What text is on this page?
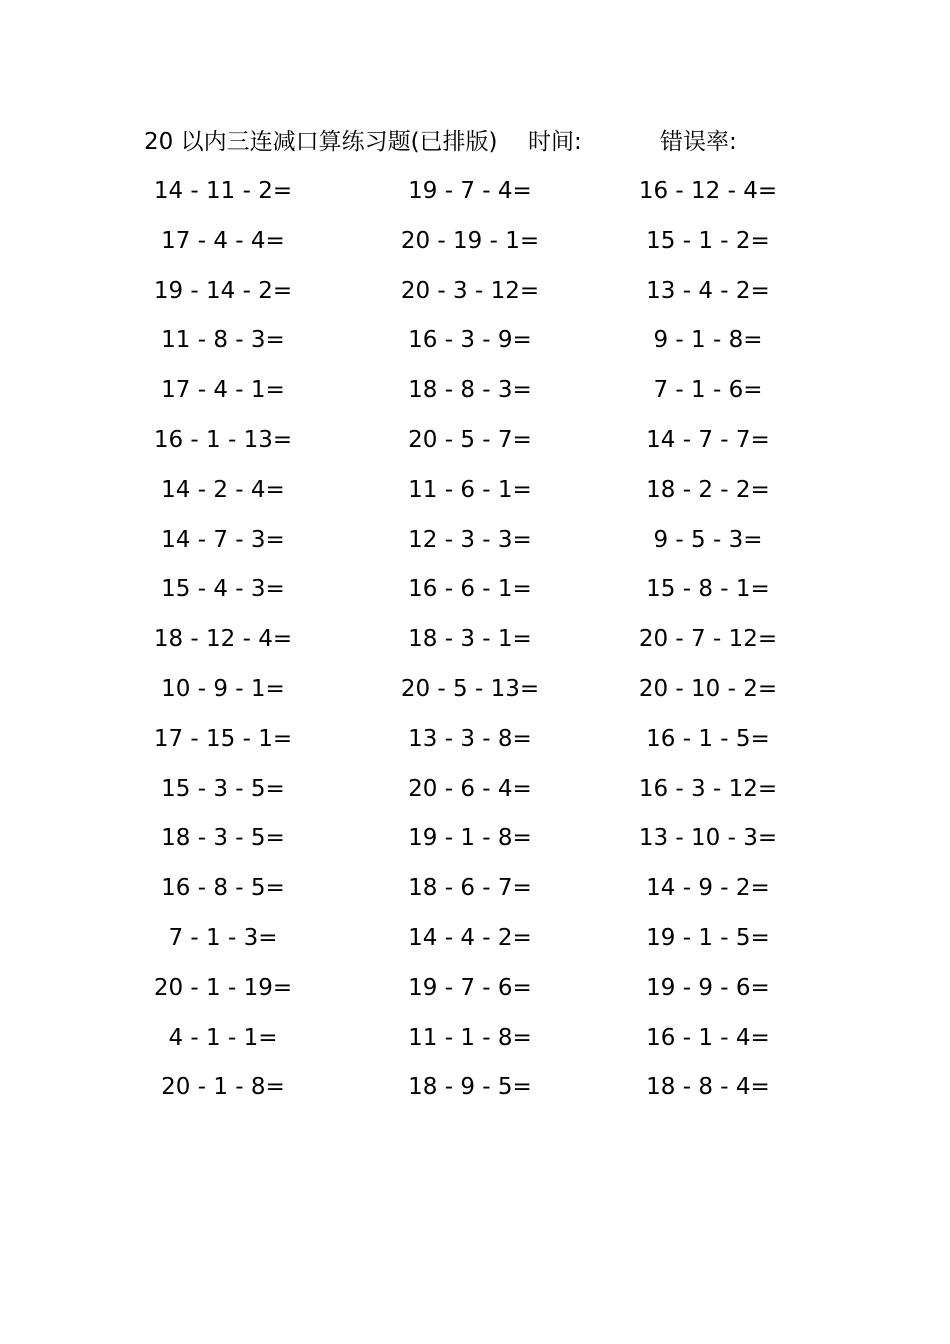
20 以内三连减口算练习题(已排版) 时间:	错误率:
14 - 11 - 2=	19 - 7 - 4=	16 - 12 - 4=
17 - 4 - 4=	20 - 19 - 1=	15 - 1 - 2=
19 - 14 - 2=	20 - 3 - 12=	13 - 4 - 2=
11 - 8 - 3=	16 - 3 - 9=	9 - 1 - 8=
17 - 4 - 1=	18 - 8 - 3=	7 - 1 - 6=
16 - 1 - 13=	20 - 5 - 7=	14 - 7 - 7=
14 - 2 - 4=	11 - 6 - 1=	18 - 2 - 2=
14 - 7 - 3=	12 - 3 - 3=	9 - 5 - 3=
15 - 4 - 3=	16 - 6 - 1=	15 - 8 - 1=
18 - 12 - 4=	18 - 3 - 1=	20 - 7 - 12=
10 - 9 - 1=	20 - 5 - 13=	20 - 10 - 2=
17 - 15 - 1=	13 - 3 - 8=	16 - 1 - 5=
15 - 3 - 5=	20 - 6 - 4=	16 - 3 - 12=
18 - 3 - 5=	19 - 1 - 8=	13 - 10 - 3=
16 - 8 - 5=	18 - 6 - 7=	14 - 9 - 2=
7 - 1 - 3=	14 - 4 - 2=	19 - 1 - 5=
20 - 1 - 19=	19 - 7 - 6=	19 - 9 - 6=
4 - 1 - 1=	11 - 1 - 8=	16 - 1 - 4=
20 - 1 - 8=	18 - 9 - 5=	18 - 8 - 4=
